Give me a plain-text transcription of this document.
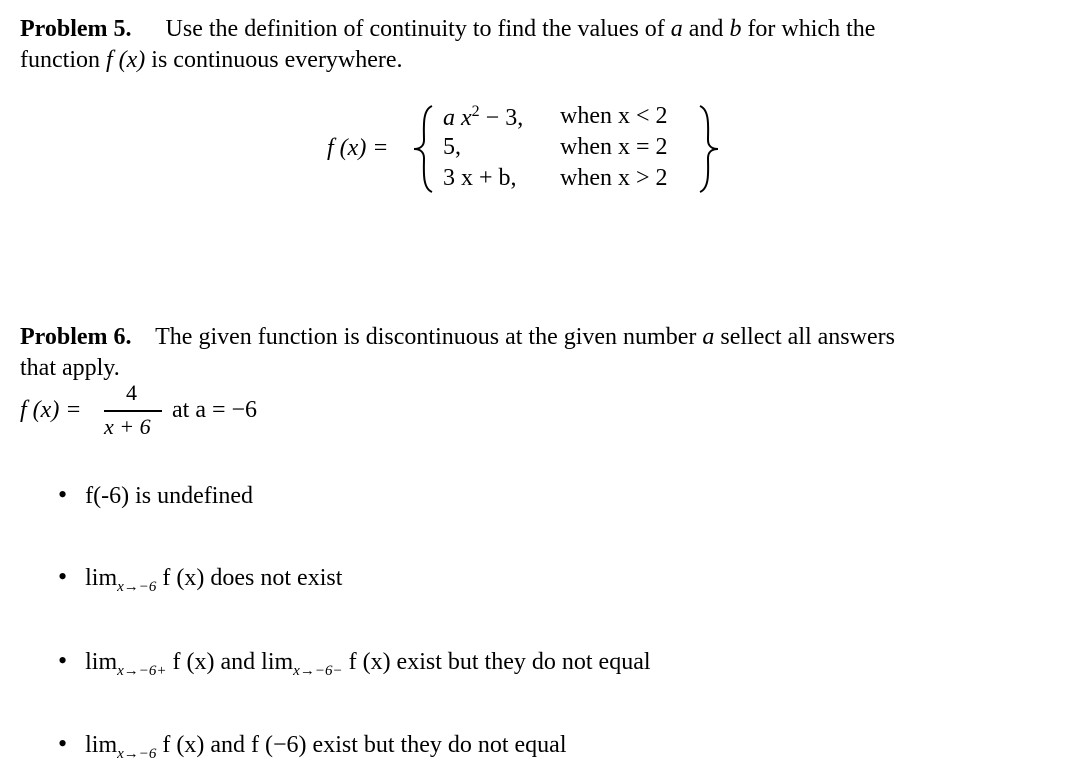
Problem 5. Use the definition of continuity to find the values of a and b for which the
function f (x) is continuous everywhere.
f (x) =
a $x^2 - 3$, when x < 2
5,	when x = 2
3 x + b, when x > 2
Problem 6. The given function is discontinuous at the given number a sellect all answers
that apply.
f (x) =
4
x + 6
at a = −6
• f(-6) is undefined
• $\lim_{x\to-6} f$ (x) does not exist
• $\lim_{x\to-6+} f$ (x) and $\lim_{x\to-6-} f$ (x) exist but they do not equal
• $\lim_{x\to-6} f$ (x) and f (−6) exist but they do not equal
